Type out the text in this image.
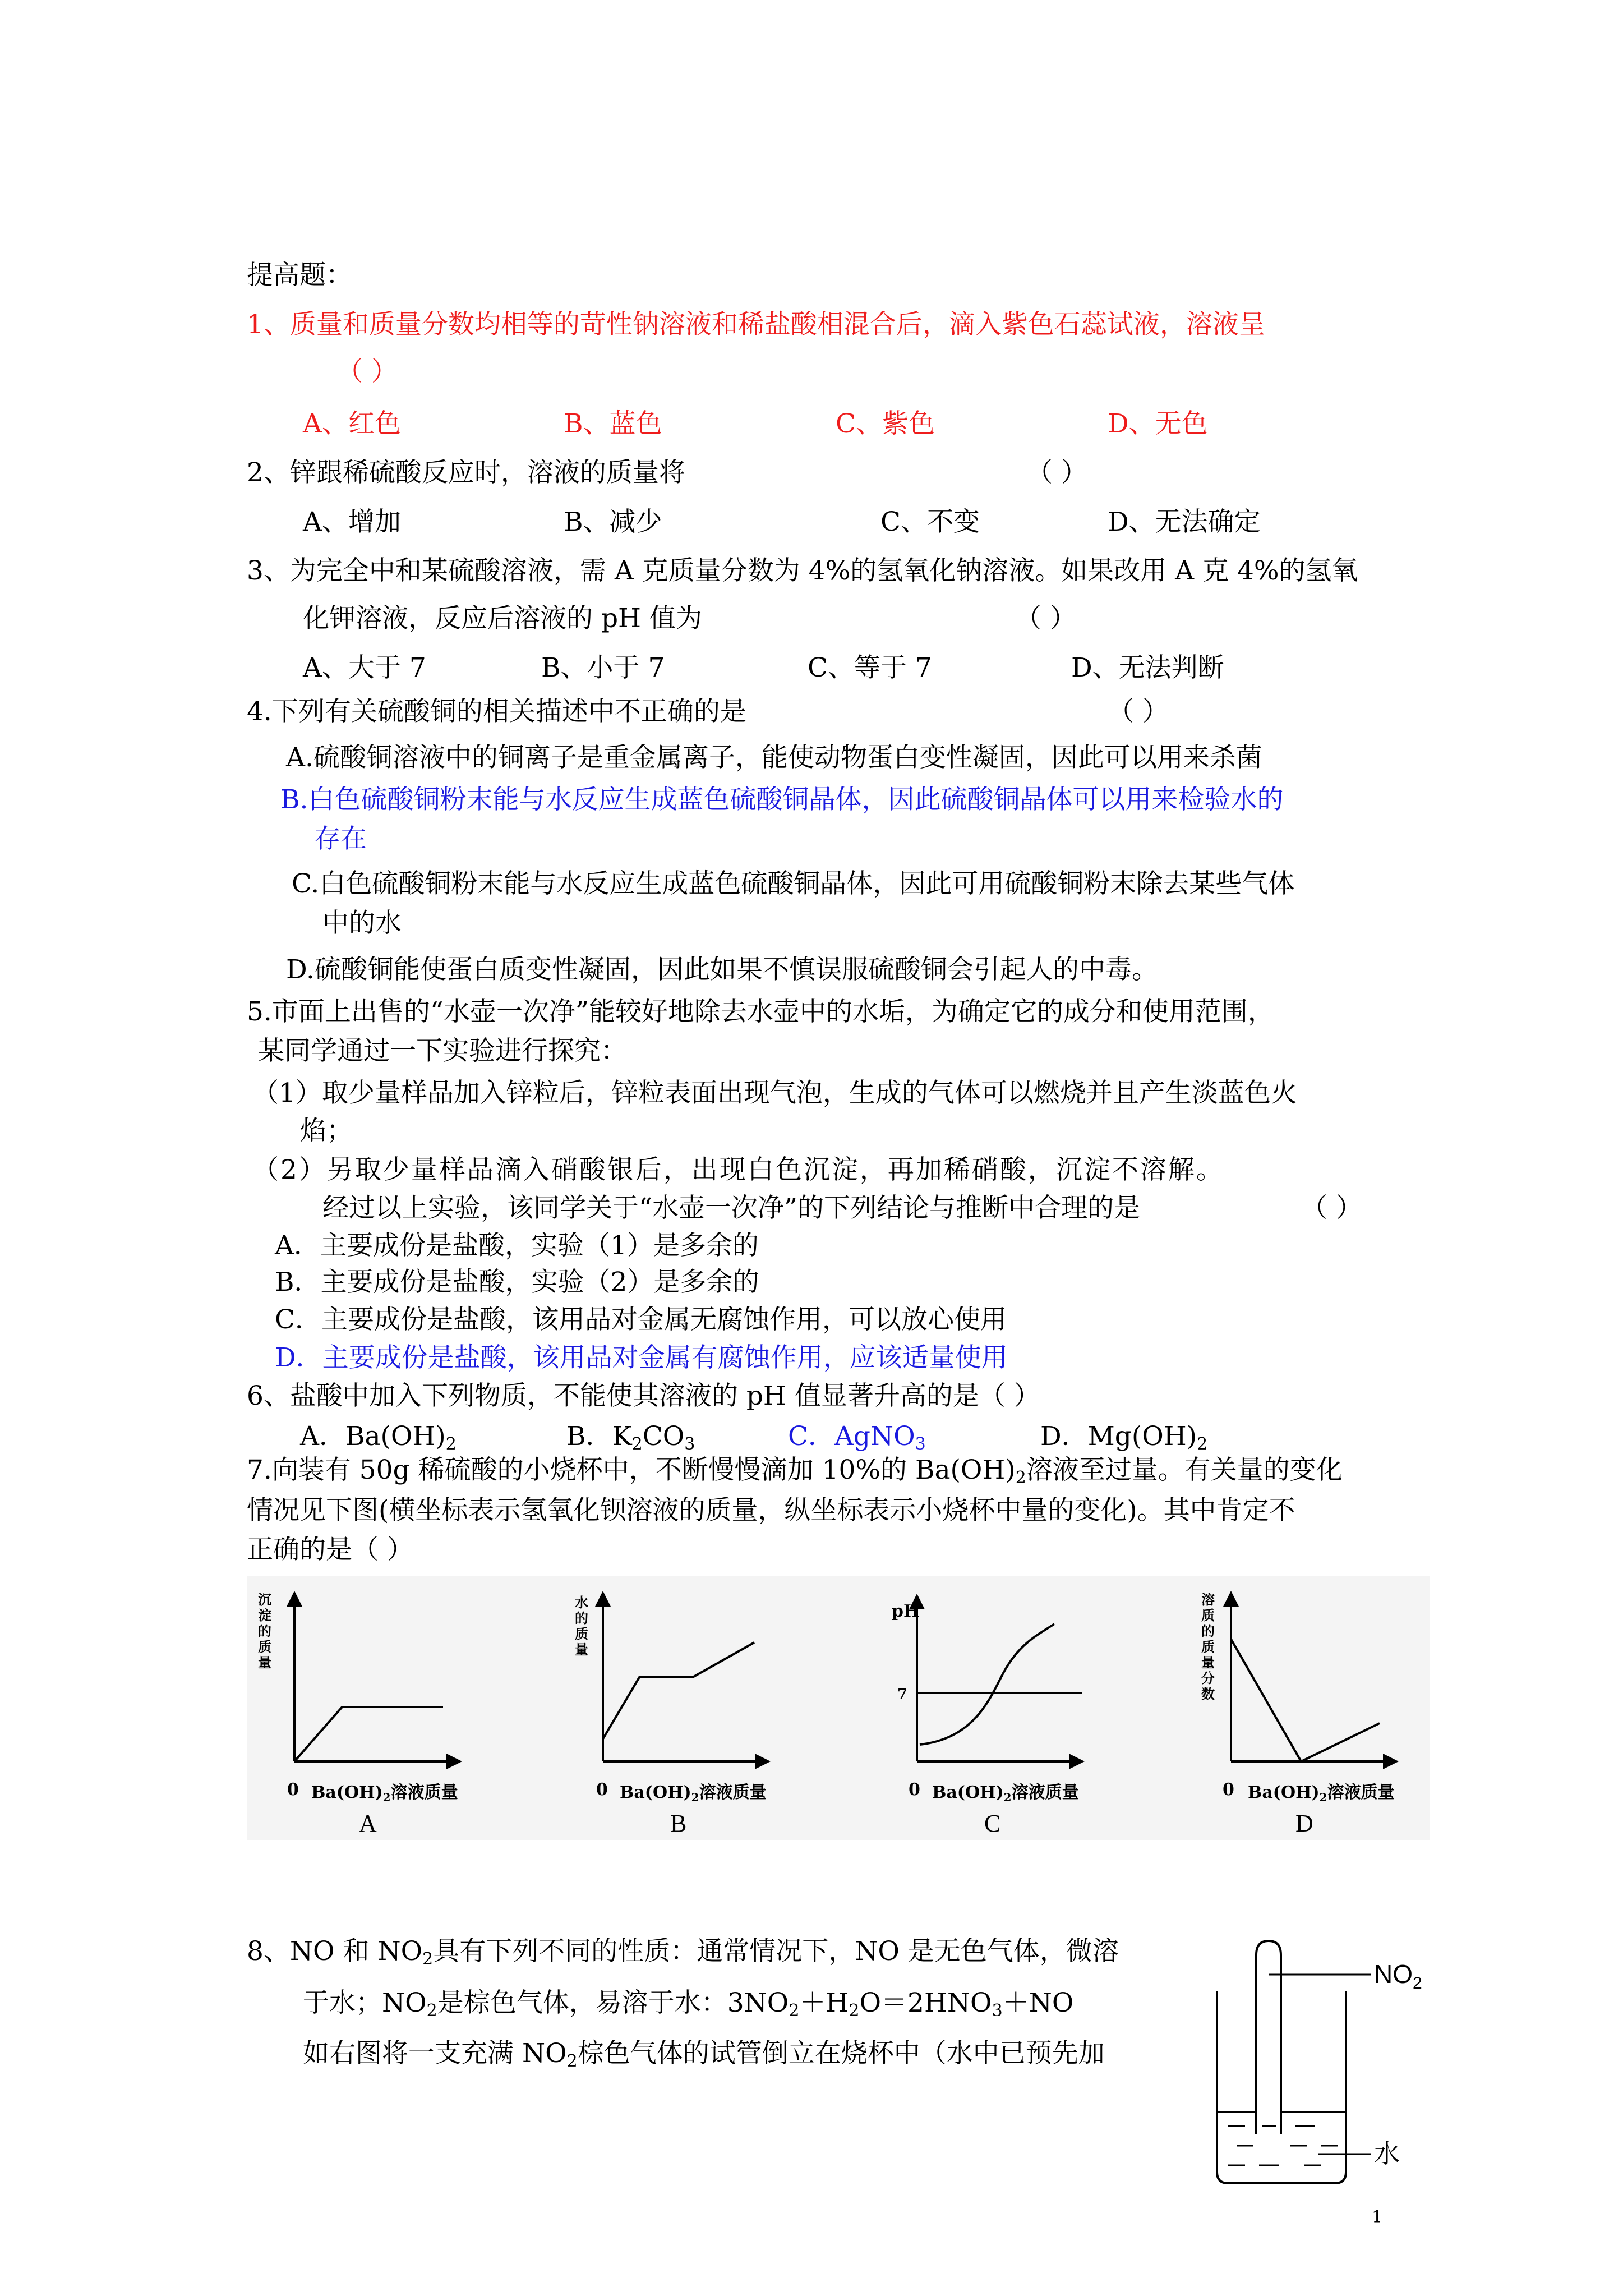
提高题：
1、质量和质量分数均相等的苛性钠溶液和稀盐酸相混合后，滴入紫色石蕊试液，溶液呈
（ ）
A、红色	B、蓝色	C、紫色	D、无色
2、锌跟稀硫酸反应时，溶液的质量将	（ ）
A、增加	B、减少	C、不变	D、无法确定
3、为完全中和某硫酸溶液，需 A 克质量分数为 4%的氢氧化钠溶液。如果改用 A 克 4%的氢氧
化钾溶液，反应后溶液的 pH 值为	（ ）
A、大于 7	B、小于 7	C、等于 7	D、无法判断
4.下列有关硫酸铜的相关描述中不正确的是	（ ）
A.硫酸铜溶液中的铜离子是重金属离子，能使动物蛋白变性凝固，因此可以用来杀菌
B.白色硫酸铜粉末能与水反应生成蓝色硫酸铜晶体，因此硫酸铜晶体可以用来检验水的
存在
C.白色硫酸铜粉末能与水反应生成蓝色硫酸铜晶体，因此可用硫酸铜粉末除去某些气体
中的水
D.硫酸铜能使蛋白质变性凝固，因此如果不慎误服硫酸铜会引起人的中毒。
5.市面上出售的“水壶一次净”能较好地除去水壶中的水垢，为确定它的成分和使用范围，
某同学通过一下实验进行探究：
（1）取少量样品加入锌粒后，锌粒表面出现气泡，生成的气体可以燃烧并且产生淡蓝色火
焰；
（2）另取少量样品滴入硝酸银后，出现白色沉淀，再加稀硝酸，沉淀不溶解。
经过以上实验，该同学关于“水壶一次净”的下列结论与推断中合理的是	（ ）
A．主要成份是盐酸，实验（1）是多余的
B．主要成份是盐酸，实验（2）是多余的
C．主要成份是盐酸，该用品对金属无腐蚀作用，可以放心使用
D．主要成份是盐酸，该用品对金属有腐蚀作用，应该适量使用
6、盐酸中加入下列物质，不能使其溶液的 pH 值显著升高的是（ ）
A．$Ba(OH)_2$	B．$K_2CO_3$	C．AgNO$_3$	D．$Mg(OH)_2$
7.向装有 50g 稀硫酸的小烧杯中，不断慢慢滴加 10%的 $Ba(OH)_2$溶液至过量。有关量的变化
情况见下图(横坐标表示氢氧化钡溶液的质量，纵坐标表示小烧杯中量的变化)。其中肯定不
正确的是（ ）
沉
淀
的
质
量
0 $Ba(OH)_2$溶液质量
A
水
的
质
量
0 $Ba(OH)_2$溶液质量
B
pH
7
0 $Ba(OH)_2$溶液质量
C
溶
质
的
质
量
分
数
0 $Ba(OH)_2$溶液质量
D
8、NO 和 $NO_2$具有下列不同的性质：通常情况下，NO 是无色气体，微溶
于水；$NO_2$是棕色气体，易溶于水：$3NO_2+H_2O=2HNO_3+NO$
如右图将一支充满 $NO_2$棕色气体的试管倒立在烧杯中（水中已预先加
$NO_2$
水
1
